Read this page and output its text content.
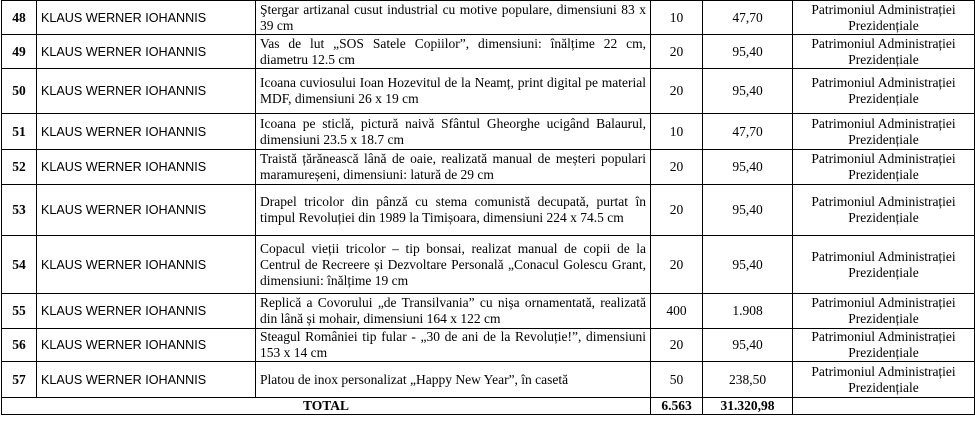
48	KLAUS WERNER IOHANNIS	Ştergar artizanal cusut industrial cu motive populare, dimensiuni 83 x 39 cm	10	47,70	Patrimoniul Administrației Prezidențiale
49	KLAUS WERNER IOHANNIS	Vas de lut „SOS Satele Copiilor”, dimensiuni: înălțime 22 cm, diametru 12.5 cm	20	95,40	Patrimoniul Administrației Prezidențiale
50	KLAUS WERNER IOHANNIS	Icoana cuviosului Ioan Hozevitul de la Neamț, print digital pe material MDF, dimensiuni 26 x 19 cm	20	95,40	Patrimoniul Administrației Prezidențiale
51	KLAUS WERNER IOHANNIS	Icoana pe sticlă, pictură naivă Sfântul Gheorghe ucigând Balaurul, dimensiuni 23.5 x 18.7 cm	10	47,70	Patrimoniul Administrației Prezidențiale
52	KLAUS WERNER IOHANNIS	Traistă țărănească lână de oaie, realizată manual de meșteri populari maramureșeni, dimensiuni: latură de 29 cm	20	95,40	Patrimoniul Administrației Prezidențiale
53	KLAUS WERNER IOHANNIS	Drapel tricolor din pânză cu stema comunistă decupată, purtat în timpul Revoluției din 1989 la Timișoara, dimensiuni 224 x 74.5 cm	20	95,40	Patrimoniul Administrației Prezidențiale
54	KLAUS WERNER IOHANNIS	Copacul vieții tricolor – tip bonsai, realizat manual de copii de la Centrul de Recreere și Dezvoltare Personală „Conacul Golescu Grant, dimensiuni: înălțime 19 cm	20	95,40	Patrimoniul Administrației Prezidențiale
55	KLAUS WERNER IOHANNIS	Replică a Covorului „de Transilvania” cu nișa ornamentată, realizată din lână și mohair, dimensiuni 164 x 122 cm	400	1.908	Patrimoniul Administrației Prezidențiale
56	KLAUS WERNER IOHANNIS	Steagul României tip fular - „30 de ani de la Revoluție!”, dimensiuni 153 x 14 cm	20	95,40	Patrimoniul Administrației Prezidențiale
57	KLAUS WERNER IOHANNIS	Platou de inox personalizat „Happy New Year”, în casetă	50	238,50	Patrimoniul Administrației Prezidențiale
TOTAL			6.563	31.320,98	
